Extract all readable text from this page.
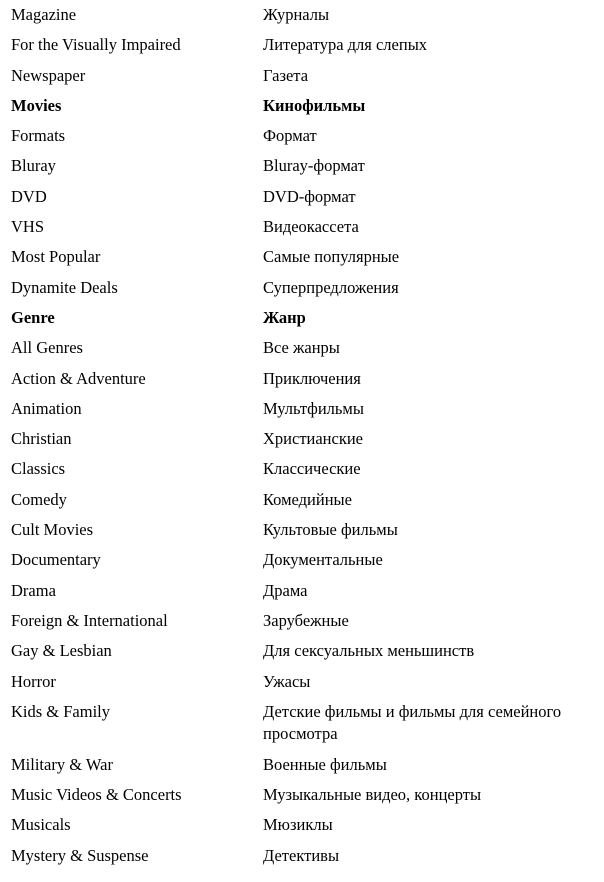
Magazine	Журналы
For the Visually Impaired	Литература для слепых
Newspaper	Газета
Movies	Кинофильмы
Formats	Формат
Bluray	Bluray-формат
DVD	DVD-формат
VHS	Видеокассета
Most Popular	Самые популярные
Dynamite Deals	Суперпредложения
Genre	Жанр
All Genres	Все жанры
Action & Adventure	Приключения
Animation	Мультфильмы
Christian	Христианские
Classics	Классические
Comedy	Комедийные
Cult Movies	Культовые фильмы
Documentary	Документальные
Drama	Драма
Foreign & International	Зарубежные
Gay & Lesbian	Для сексуальных меньшинств
Horror	Ужасы
Kids & Family	Детские фильмы и фильмы для семейного просмотра
Military & War	Военные фильмы
Music Videos & Concerts	Музыкальные видео, концерты
Musicals	Мюзиклы
Mystery & Suspense	Детективы
